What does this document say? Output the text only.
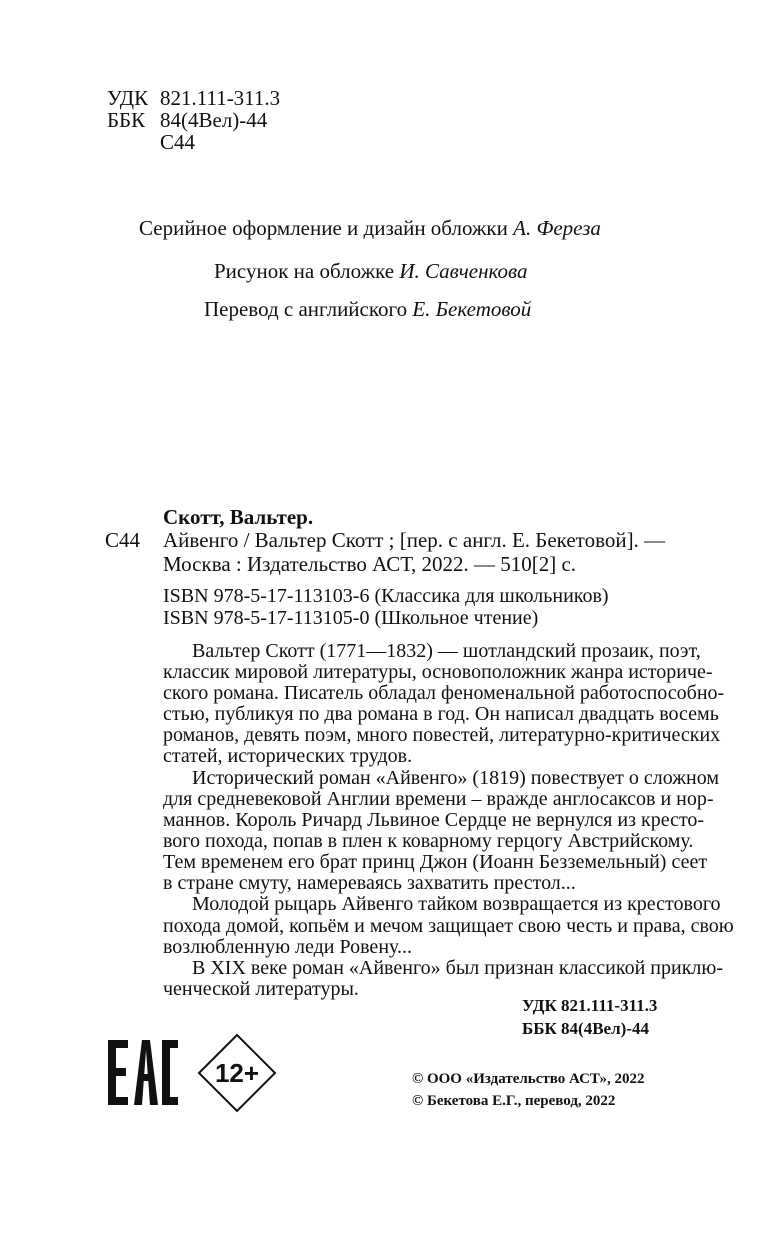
УДК 821.111-311.3
ББК 84(4Вел)-44
С44
Серийное оформление и дизайн обложки А. Фереза
Рисунок на обложке И. Савченкова
Перевод с английского Е. Бекетовой
Скотт, Вальтер.
С44 Айвенго / Вальтер Скотт ; [пер. с англ. Е. Бекетовой]. —
Москва : Издательство АСТ, 2022. — 510[2] с.
ISBN 978-5-17-113103-6 (Классика для школьников)
ISBN 978-5-17-113105-0 (Школьное чтение)
Вальтер Скотт (1771—1832) — шотландский прозаик, поэт,
классик мировой литературы, основоположник жанра историче-
ского романа. Писатель обладал феноменальной работоспособно-
стью, публикуя по два романа в год. Он написал двадцать восемь
романов, девять поэм, много повестей, литературно-критических
статей, исторических трудов.
Исторический роман «Айвенго» (1819) повествует о сложном
для средневековой Англии времени – вражде англосаксов и нор-
маннов. Король Ричард Львиное Сердце не вернулся из кресто-
вого похода, попав в плен к коварному герцогу Австрийскому.
Тем временем его брат принц Джон (Иоанн Безземельный) сеет
в стране смуту, намереваясь захватить престол...
Молодой рыцарь Айвенго тайком возвращается из крестового
похода домой, копьём и мечом защищает свою честь и права, свою
возлюбленную леди Ровену...
В XIX веке роман «Айвенго» был признан классикой приклю-
ченческой литературы.
УДК 821.111-311.3
ББК 84(4Вел)-44
12+	© ООО «Издательство АСТ», 2022
© Бекетова Е.Г., перевод, 2022
